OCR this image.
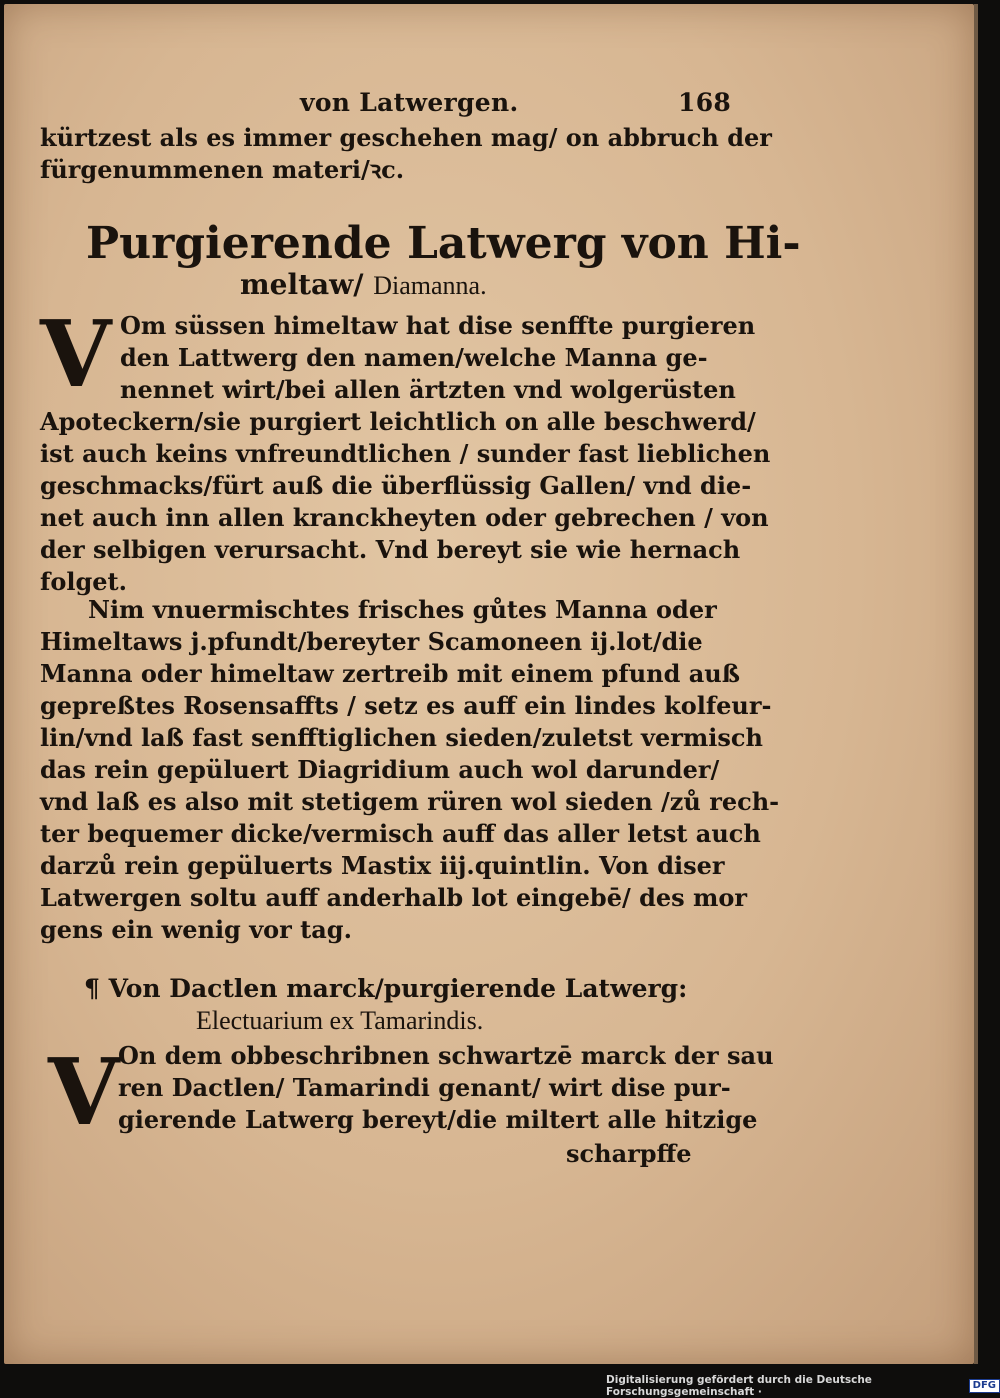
von Latwergen.	168
kürtzest als es immer geschehen mag/ on abbruch der
fürgenummenen materi/ꝛc.
Purgierende Latwerg von Hi-
meltaw/ Diamanna.
V Om süssen himeltaw hat dise senffte purgieren
den Lattwerg den namen/welche Manna ge-
nennet wirt/bei allen ärtzten vnd wolgerüsten
Apoteckern/sie purgiert leichtlich on alle beschwerd/
ist auch keins vnfreundtlichen / sunder fast lieblichen
geschmacks/fürt auß die überflüssig Gallen/ vnd die-
net auch inn allen kranckheyten oder gebrechen / von
der selbigen verursacht. Vnd bereyt sie wie hernach
folget.
Nim vnuermischtes frisches gůtes Manna oder
Himeltaws j.pfundt/bereyter Scamoneen ij.lot/die
Manna oder himeltaw zertreib mit einem pfund auß
gepreßtes Rosensaffts / setz es auff ein lindes kolfeur-
lin/vnd laß fast senfftiglichen sieden/zuletst vermisch
das rein gepüluert Diagridium auch wol darunder/
vnd laß es also mit stetigem rüren wol sieden /zů rech-
ter bequemer dicke/vermisch auff das aller letst auch
darzů rein gepüluerts Mastix iij.quintlin. Von diser
Latwergen soltu auff anderhalb lot eingebē/ des mor
gens ein wenig vor tag.
¶ Von Dactlen marck/purgierende Latwerg:
Electuarium ex Tamarindis.
V
On dem obbeschribnen schwartzē marck der sau
ren Dactlen/ Tamarindi genant/ wirt dise pur-
gierende Latwerg bereyt/die miltert alle hitzige
scharpffe
Digitalisierung gefördert durch die Deutsche Forschungsgemeinschaft ·
DFG
